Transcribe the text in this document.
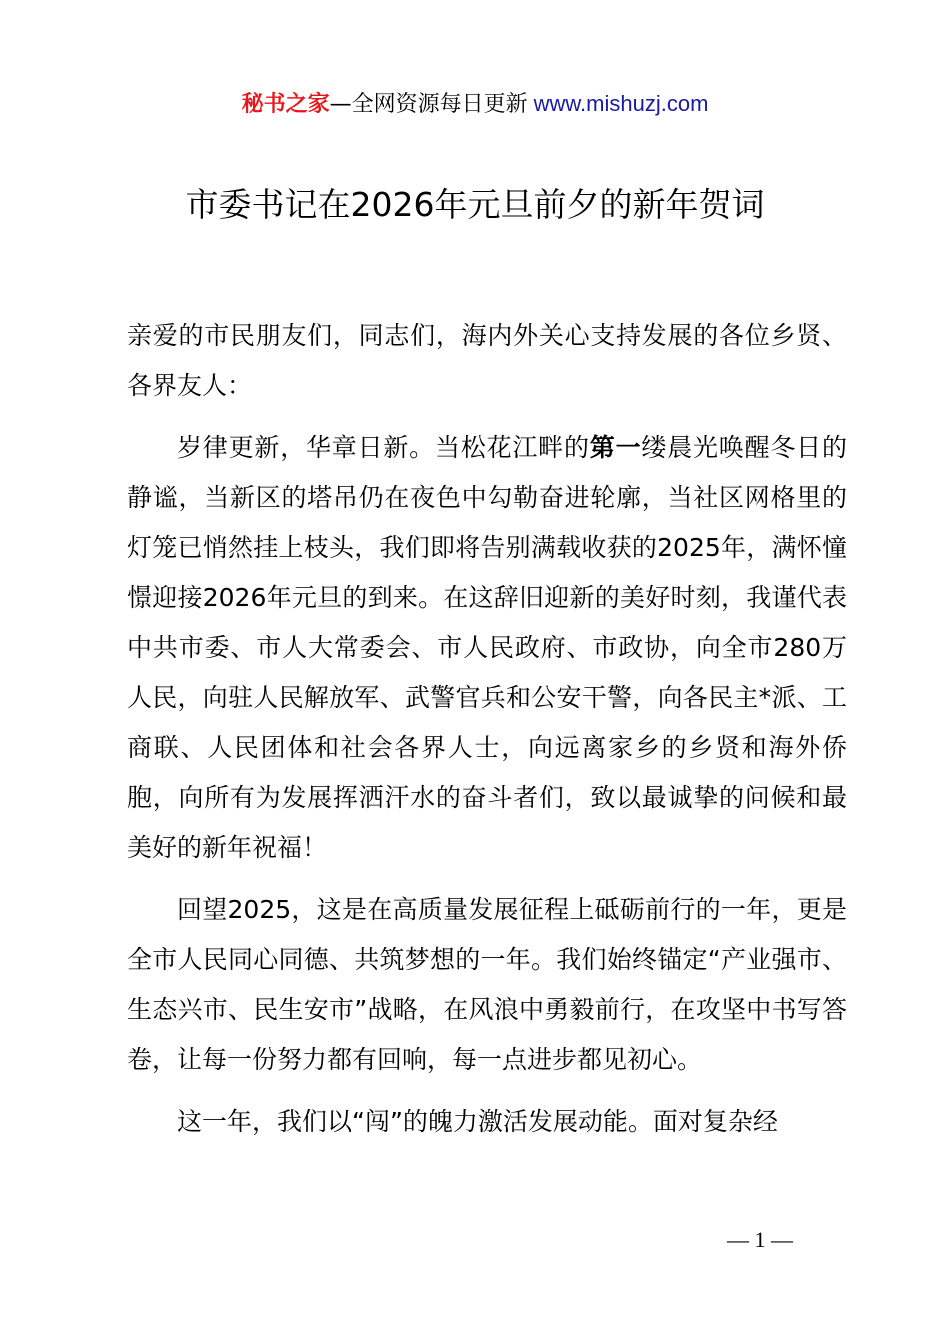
秘书之家—全网资源每日更新 www.mishuzj.com
市委书记在2026年元旦前夕的新年贺词

亲爱的市民朋友们，同志们，海内外关心支持发展的各位乡贤、各界友人：

岁律更新，华章日新。当松花江畔的第一缕晨光唤醒冬日的静谧，当新区的塔吊仍在夜色中勾勒奋进轮廓，当社区网格里的灯笼已悄然挂上枝头，我们即将告别满载收获的2025年，满怀憧憬迎接2026年元旦的到来。在这辞旧迎新的美好时刻，我谨代表中共市委、市人大常委会、市人民政府、市政协，向全市280万人民，向驻人民解放军、武警官兵和公安干警，向各民主*派、工商联、人民团体和社会各界人士，向远离家乡的乡贤和海外侨胞，向所有为发展挥洒汗水的奋斗者们，致以最诚挚的问候和最美好的新年祝福！

回望2025，这是在高质量发展征程上砥砺前行的一年，更是全市人民同心同德、共筑梦想的一年。我们始终锚定“产业强市、生态兴市、民生安市”战略，在风浪中勇毅前行，在攻坚中书写答卷，让每一份努力都有回响，每一点进步都见初心。

这一年，我们以“闯”的魄力激活发展动能。面对复杂经

— 1 —
